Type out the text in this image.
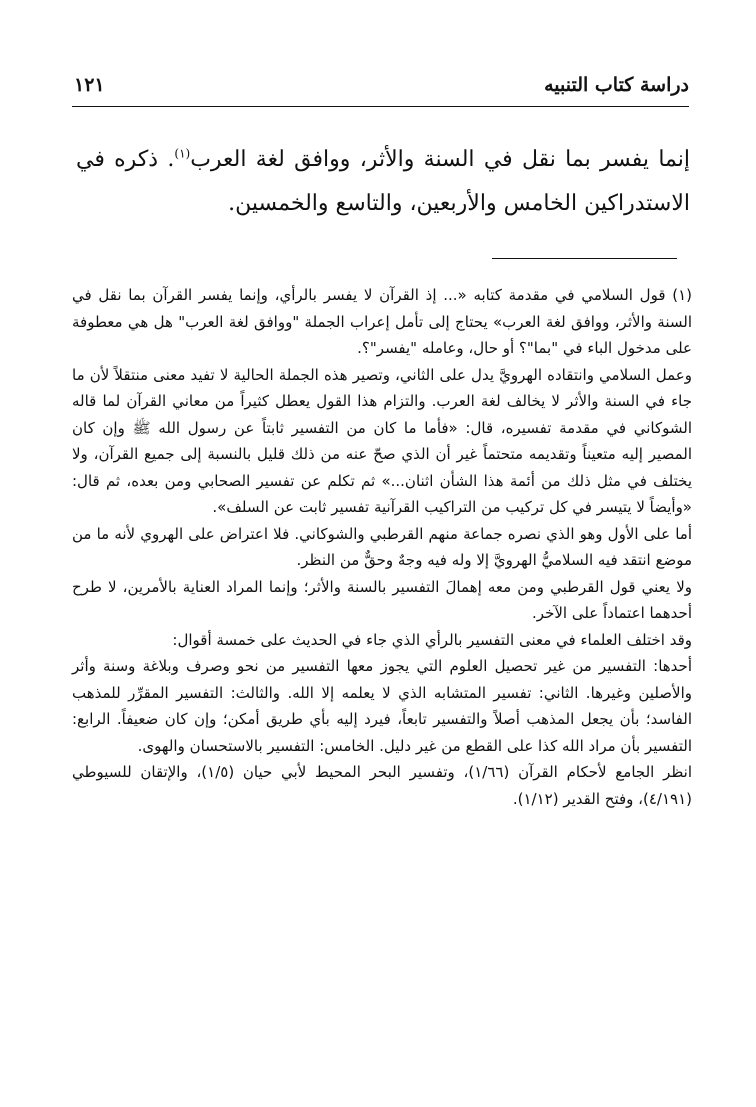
دراسة كتاب التنبيه
١٢١
إنما يفسر بما نقل في السنة والأثر، ووافق لغة العرب$^{(١)}$. ذكره في الاستدراكين الخامس والأربعين، والتاسع والخمسين.

(١) قول السلامي في مقدمة كتابه «... إذ القرآن لا يفسر بالرأي، وإنما يفسر القرآن بما نقل في السنة والأثر، ووافق لغة العرب» يحتاج إلى تأمل إعراب الجملة "ووافق لغة العرب" هل هي معطوفة على مدخول الباء في "بما"؟ أو حال، وعامله "يفسر"؟.

وعمل السلامي وانتقاده الهرويَّ يدل على الثاني، وتصير هذه الجملة الحالية لا تفيد معنى منتقلاً لأن ما جاء في السنة والأثر لا يخالف لغة العرب. والتزام هذا القول يعطل كثيراً من معاني القرآن لما قاله الشوكاني في مقدمة تفسيره، قال: «فأما ما كان من التفسير ثابتاً عن رسول الله ﷺ وإن كان المصير إليه متعيناً وتقديمه متحتماً غير أن الذي صحّ عنه من ذلك قليل بالنسبة إلى جميع القرآن، ولا يختلف في مثل ذلك من أئمة هذا الشأن اثنان...» ثم تكلم عن تفسير الصحابي ومن بعده، ثم قال: «وأيضاً لا يتيسر في كل تركيب من التراكيب القرآنية تفسير ثابت عن السلف».

أما على الأول وهو الذي نصره جماعة منهم القرطبي والشوكاني. فلا اعتراض على الهروي لأنه ما من موضع انتقد فيه السلاميُّ الهرويَّ إلا وله فيه وجهٌ وحقٌّ من النظر.

ولا يعني قول القرطبي ومن معه إهمالَ التفسير بالسنة والأثر؛ وإنما المراد العناية بالأمرين، لا طرح أحدهما اعتماداً على الآخر.

وقد اختلف العلماء في معنى التفسير بالرأي الذي جاء في الحديث على خمسة أقوال:

أحدها: التفسير من غير تحصيل العلوم التي يجوز معها التفسير من نحو وصرف وبلاغة وسنة وأثر والأصلين وغيرها. الثاني: تفسير المتشابه الذي لا يعلمه إلا الله. والثالث: التفسير المقرِّر للمذهب الفاسد؛ بأن يجعل المذهب أصلاً والتفسير تابعاً، فيرد إليه بأي طريق أمكن؛ وإن كان ضعيفاً. الرابع: التفسير بأن مراد الله كذا على القطع من غير دليل. الخامس: التفسير بالاستحسان والهوى.

انظر الجامع لأحكام القرآن (١/٦٦)، وتفسير البحر المحيط لأبي حيان (١/٥)، والإتقان للسيوطي (٤/١٩١)، وفتح القدير (١/١٢).
